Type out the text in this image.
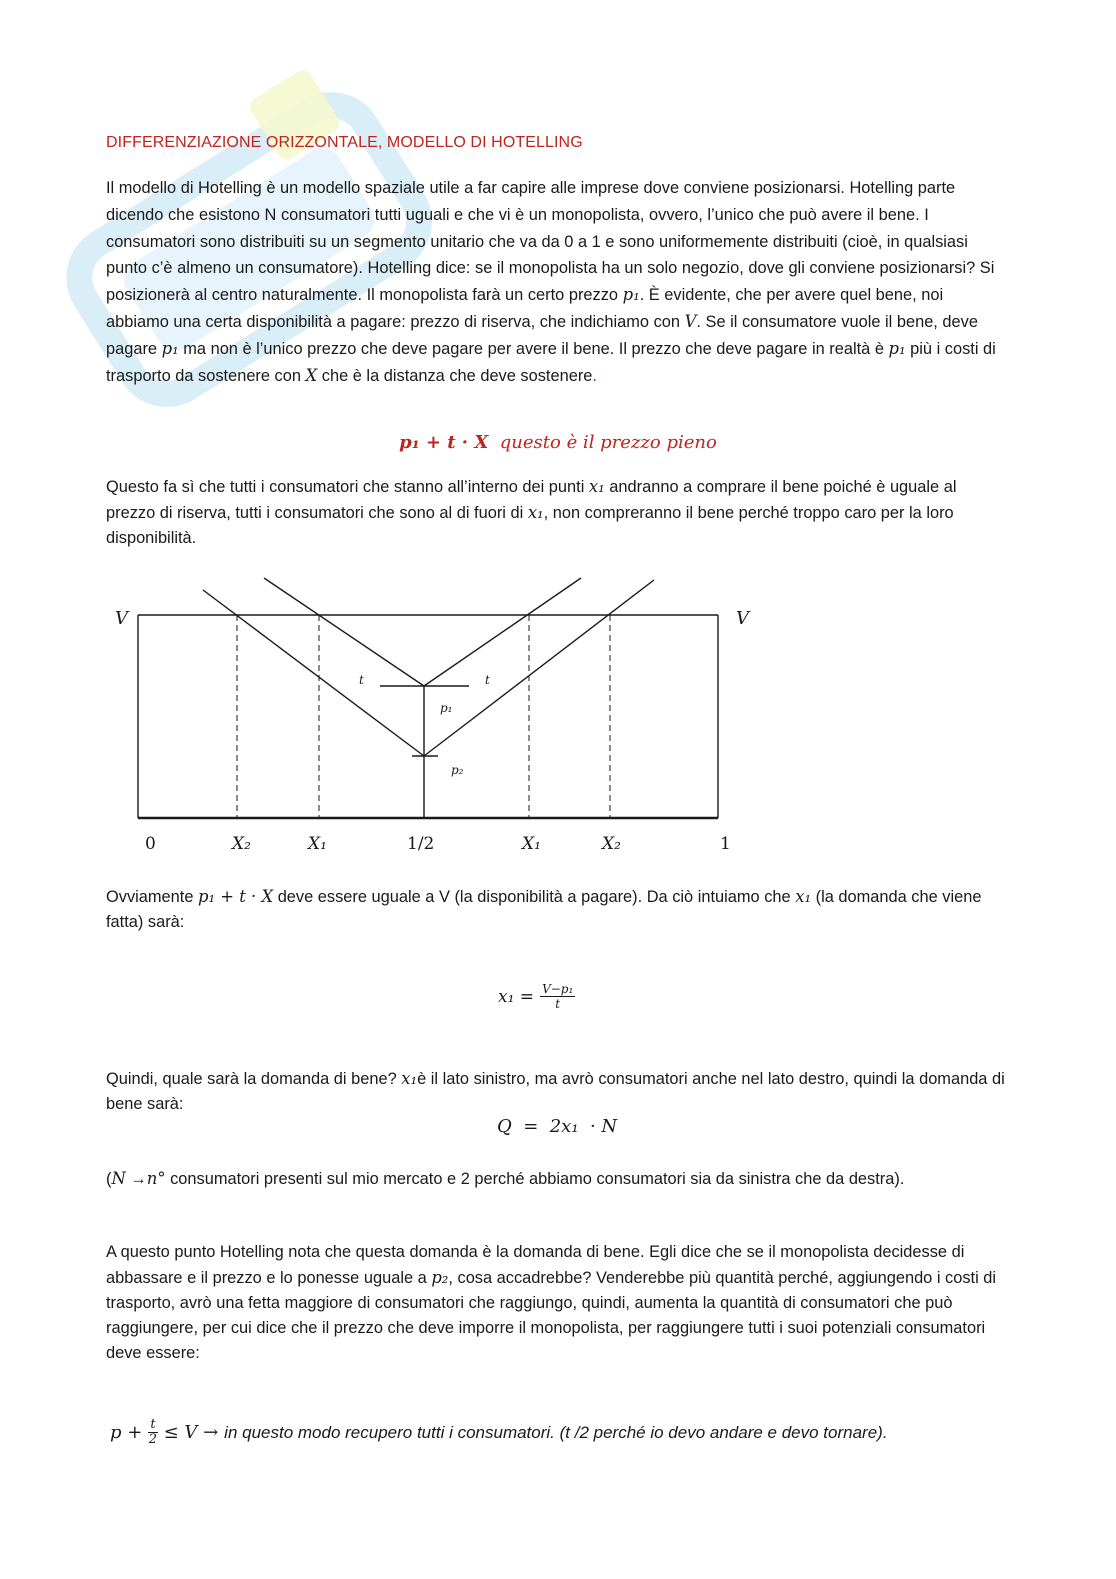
DIFFERENZIAZIONE ORIZZONTALE, MODELLO DI HOTELLING

Il modello di Hotelling è un modello spaziale utile a far capire alle imprese dove conviene posizionarsi. Hotelling parte dicendo che esistono N consumatori tutti uguali e che vi è un monopolista, ovvero, l’unico che può avere il bene. I consumatori sono distribuiti su un segmento unitario che va da 0 a 1 e sono uniformemente distribuiti (cioè, in qualsiasi punto c’è almeno un consumatore). Hotelling dice: se il monopolista ha un solo negozio, dove gli conviene posizionarsi? Si posizionerà al centro naturalmente. Il monopolista farà un certo prezzo p₁. È evidente, che per avere quel bene, noi abbiamo una certa disponibilità a pagare: prezzo di riserva, che indichiamo con V. Se il consumatore vuole il bene, deve pagare p₁ ma non è l’unico prezzo che deve pagare per avere il bene. Il prezzo che deve pagare in realtà è p₁ più i costi di trasporto da sostenere con X che è la distanza che deve sostenere.

p₁ + t · X questo è il prezzo pieno

Questo fa sì che tutti i consumatori che stanno all’interno dei punti x₁ andranno a comprare il bene poiché è uguale al prezzo di riserva, tutti i consumatori che sono al di fuori di x₁, non compreranno il bene perché troppo caro per la loro disponibilità.

V	V
t	t
p₁
p₂
0	X₂	X₁	1/2	X₁	X₂	1

Ovviamente p₁ + t · X deve essere uguale a V (la disponibilità a pagare). Da ciò intuiamo che x₁ (la domanda che viene fatta) sarà:

$x_1 = \frac{\text{V−p₁}}{t}$

Quindi, quale sarà la domanda di bene? x₁è il lato sinistro, ma avrò consumatori anche nel lato destro, quindi la domanda di bene sarà:

Q  =  2x₁  · N

(N →n° consumatori presenti sul mio mercato e 2 perché abbiamo consumatori sia da sinistra che da destra).

A questo punto Hotelling nota che questa domanda è la domanda di bene. Egli dice che se il monopolista decidesse di abbassare e il prezzo e lo ponesse uguale a p₂, cosa accadrebbe? Venderebbe più quantità perché, aggiungendo i costi di trasporto, avrò una fetta maggiore di consumatori che raggiungo, quindi, aumenta la quantità di consumatori che può raggiungere, per cui dice che il prezzo che deve imporre il monopolista, per raggiungere tutti i suoi potenziali consumatori deve essere:

$p + \frac{t}{2} \le V$ → in questo modo recupero tutti i consumatori. (t /2 perché io devo andare e devo tornare).
